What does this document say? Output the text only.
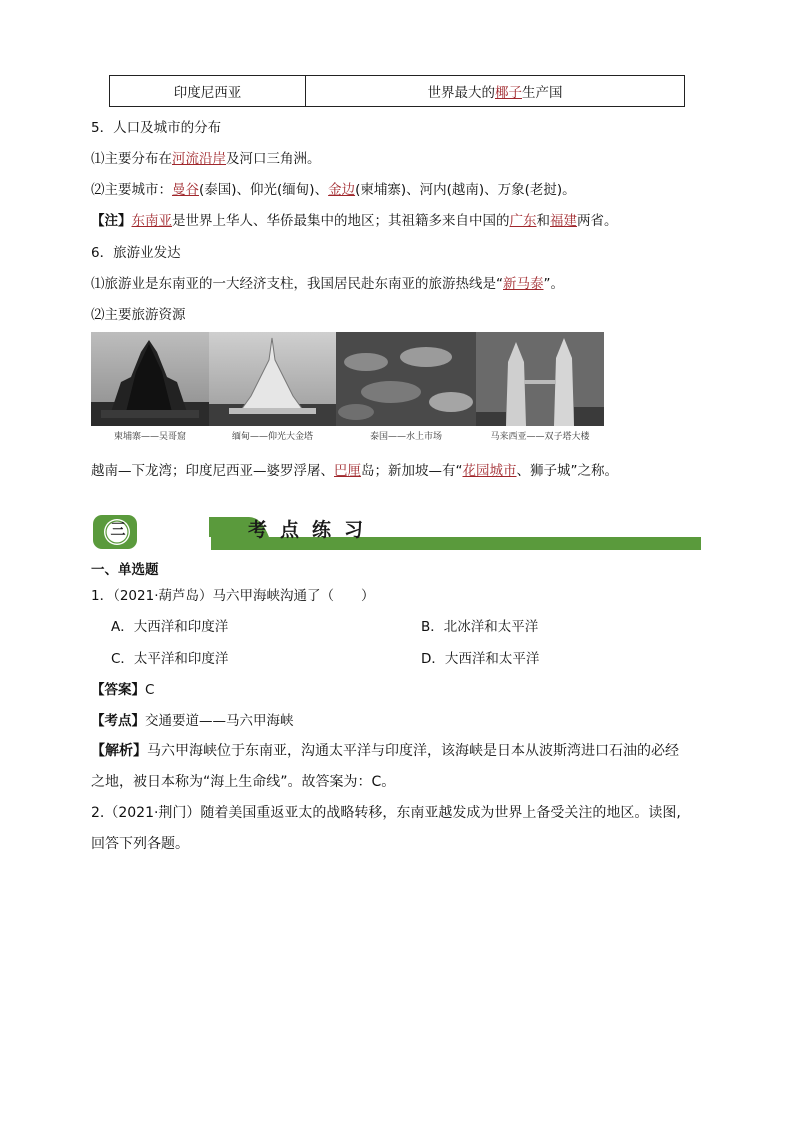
印度尼西亚	世界最大的 椰子 生产国
5．人口及城市的分布
⑴主要分布在河流沿岸及河口三角洲。
⑵主要城市：曼谷(泰国)、仰光(缅甸)、金边(柬埔寨)、河内(越南)、万象(老挝)。
【注】东南亚是世界上华人、华侨最集中的地区；其祖籍多来自中国的广东和福建两省。
6．旅游业发达
⑴旅游业是东南亚的一大经济支柱，我国居民赴东南亚的旅游热线是“新马泰”。
⑵主要旅游资源
柬埔寨——吴哥窟	缅甸——仰光大金塔	泰国——水上市场	马来西亚——双子塔大楼
越南—下龙湾；印度尼西亚—婆罗浮屠、巴厘岛；新加坡—有“花园城市、狮子城”之称。
三	考点练习
一、单选题
1．（2021·葫芦岛）马六甲海峡沟通了（　　）
A．大西洋和印度洋	B．北冰洋和太平洋
C．太平洋和印度洋	D．大西洋和太平洋
【答案】C
【考点】交通要道——马六甲海峡
【解析】马六甲海峡位于东南亚，沟通太平洋与印度洋，该海峡是日本从波斯湾进口石油的必经
之地，被日本称为“海上生命线”。故答案为：C。
2.（2021·荆门）随着美国重返亚太的战略转移，东南亚越发成为世界上备受关注的地区。读图,
回答下列各题。
